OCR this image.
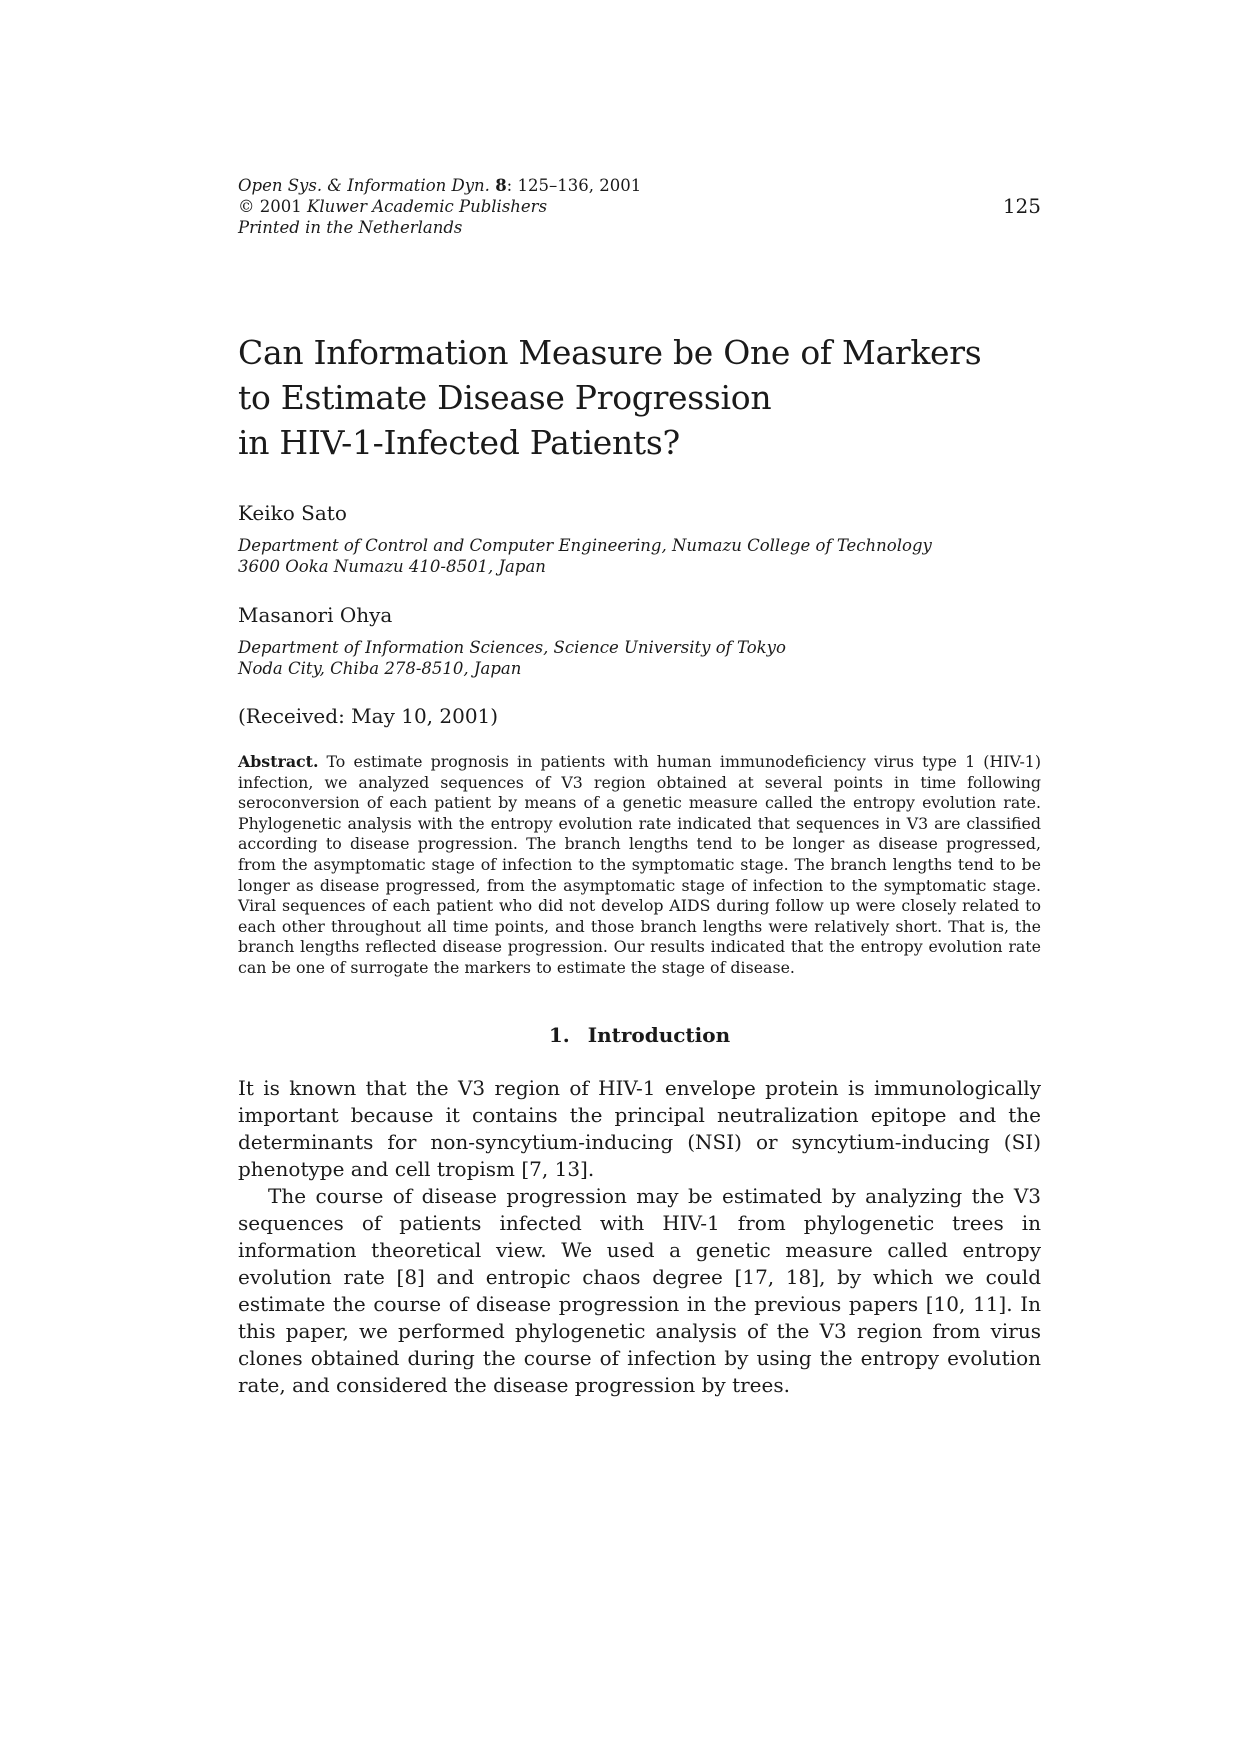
Open Sys. & Information Dyn. 8: 125–136, 2001
© 2001 Kluwer Academic Publishers
Printed in the Netherlands
125
Can Information Measure be One of Markers
to Estimate Disease Progression
in HIV-1-Infected Patients?
Keiko Sato
Department of Control and Computer Engineering, Numazu College of Technology
3600 Ooka Numazu 410-8501, Japan
Masanori Ohya
Department of Information Sciences, Science University of Tokyo
Noda City, Chiba 278-8510, Japan
(Received: May 10, 2001)
Abstract. To estimate prognosis in patients with human immunodeficiency virus type 1 (HIV-1) infection, we analyzed sequences of V3 region obtained at several points in time following seroconversion of each patient by means of a genetic measure called the entropy evolution rate. Phylogenetic analysis with the entropy evolution rate indicated that sequences in V3 are classified according to disease progression. The branch lengths tend to be longer as disease progressed, from the asymptomatic stage of infection to the symptomatic stage. The branch lengths tend to be longer as disease progressed, from the asymptomatic stage of infection to the symptomatic stage. Viral sequences of each patient who did not develop AIDS during follow up were closely related to each other throughout all time points, and those branch lengths were relatively short. That is, the branch lengths reflected disease progression. Our results indicated that the entropy evolution rate can be one of surrogate the markers to estimate the stage of disease.
1. Introduction

It is known that the V3 region of HIV-1 envelope protein is immunologically important because it contains the principal neutralization epitope and the determinants for non-syncytium-inducing (NSI) or syncytium-inducing (SI) phenotype and cell tropism [7, 13].

The course of disease progression may be estimated by analyzing the V3 sequences of patients infected with HIV-1 from phylogenetic trees in information theoretical view. We used a genetic measure called entropy evolution rate [8] and entropic chaos degree [17, 18], by which we could estimate the course of disease progression in the previous papers [10, 11]. In this paper, we performed phylogenetic analysis of the V3 region from virus clones obtained during the course of infection by using the entropy evolution rate, and considered the disease progression by trees.
